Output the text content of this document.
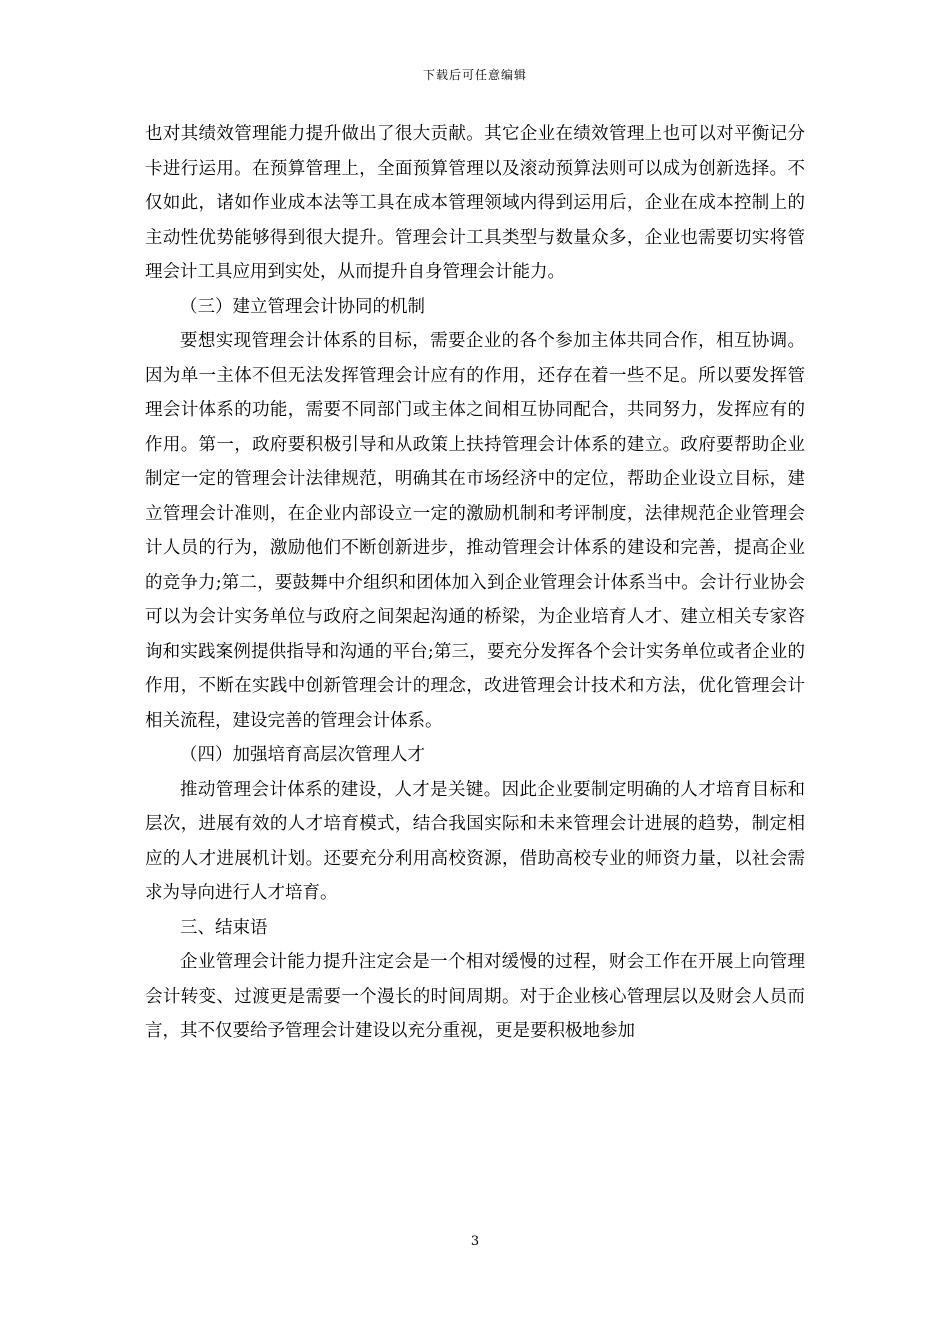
下载后可任意编辑

也对其绩效管理能力提升做出了很大贡献。其它企业在绩效管理上也可以对平衡记分卡进行运用。在预算管理上，全面预算管理以及滚动预算法则可以成为创新选择。不仅如此，诸如作业成本法等工具在成本管理领域内得到运用后，企业在成本控制上的主动性优势能够得到很大提升。管理会计工具类型与数量众多，企业也需要切实将管理会计工具应用到实处，从而提升自身管理会计能力。

（三）建立管理会计协同的机制

要想实现管理会计体系的目标，需要企业的各个参加主体共同合作，相互协调。因为单一主体不但无法发挥管理会计应有的作用，还存在着一些不足。所以要发挥管理会计体系的功能，需要不同部门或主体之间相互协同配合，共同努力，发挥应有的作用。第一，政府要积极引导和从政策上扶持管理会计体系的建立。政府要帮助企业制定一定的管理会计法律规范，明确其在市场经济中的定位，帮助企业设立目标，建立管理会计准则，在企业内部设立一定的激励机制和考评制度，法律规范企业管理会计人员的行为，激励他们不断创新进步，推动管理会计体系的建设和完善，提高企业的竞争力;第二，要鼓舞中介组织和团体加入到企业管理会计体系当中。会计行业协会可以为会计实务单位与政府之间架起沟通的桥梁，为企业培育人才、建立相关专家咨询和实践案例提供指导和沟通的平台;第三，要充分发挥各个会计实务单位或者企业的作用，不断在实践中创新管理会计的理念，改进管理会计技术和方法，优化管理会计相关流程，建设完善的管理会计体系。

（四）加强培育高层次管理人才

推动管理会计体系的建设，人才是关键。因此企业要制定明确的人才培育目标和层次，进展有效的人才培育模式，结合我国实际和未来管理会计进展的趋势，制定相应的人才进展机计划。还要充分利用高校资源，借助高校专业的师资力量，以社会需求为导向进行人才培育。

三、结束语

企业管理会计能力提升注定会是一个相对缓慢的过程，财会工作在开展上向管理会计转变、过渡更是需要一个漫长的时间周期。对于企业核心管理层以及财会人员而言，其不仅要给予管理会计建设以充分重视，更是要积极地参加

3
